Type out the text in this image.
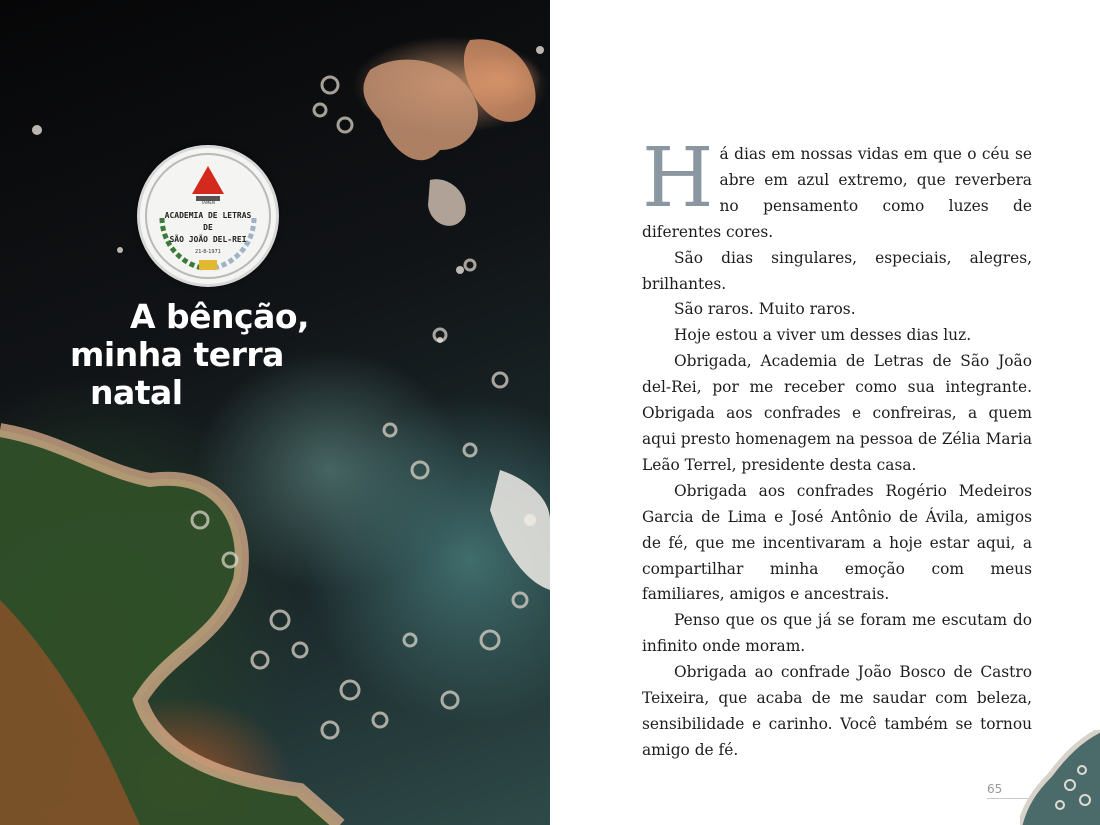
TAMEN
ACADEMIA DE LETRAS
DE
SÃO JOÃO DEL-REI
21-8-1971
A bênção,
minha terra
natal

Há dias em nossas vidas em que o céu se abre em azul extremo, que reverbera no pensamento como luzes de diferentes cores.

São dias singulares, especiais, alegres, brilhantes.

São raros. Muito raros.

Hoje estou a viver um desses dias luz.

Obrigada, Academia de Letras de São João del-Rei, por me receber como sua integrante. Obrigada aos confrades e confreiras, a quem aqui presto homenagem na pessoa de Zélia Maria Leão Terrel, presidente desta casa.

Obrigada aos confrades Rogério Medeiros Garcia de Lima e José Antônio de Ávila, amigos de fé, que me incentivaram a hoje estar aqui, a compartilhar minha emoção com meus familiares, amigos e ancestrais.

Penso que os que já se foram me escutam do infinito onde moram.

Obrigada ao confrade João Bosco de Castro Teixeira, que acaba de me saudar com beleza, sensibilidade e carinho. Você também se tornou amigo de fé.

65
